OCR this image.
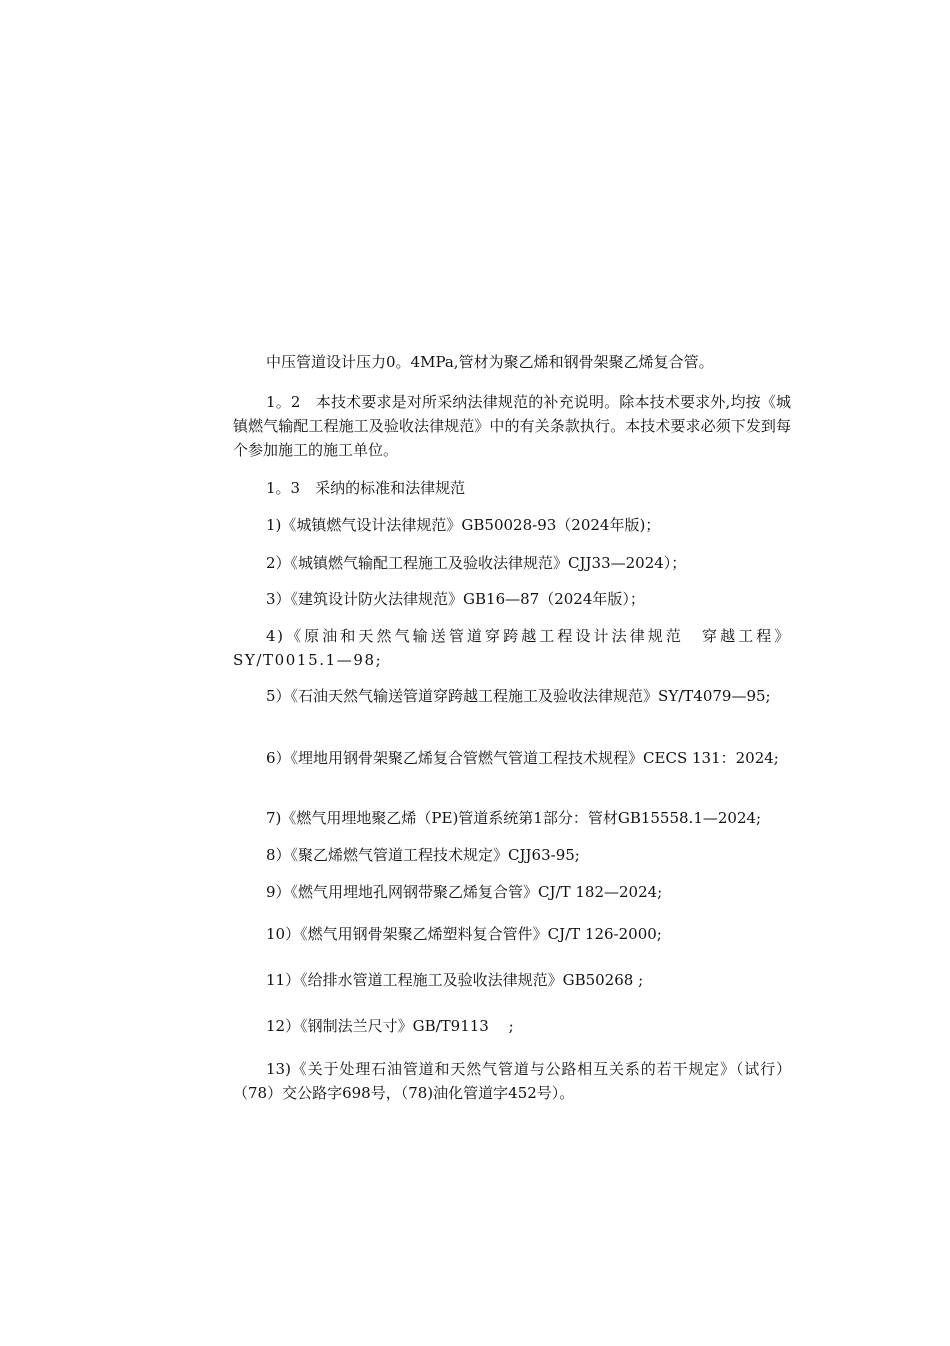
中压管道设计压力0。4MPa,管材为聚乙烯和钢骨架聚乙烯复合管。

1。2　本技术要求是对所采纳法律规范的补充说明。除本技术要求外,均按《城镇燃气输配工程施工及验收法律规范》中的有关条款执行。本技术要求必须下发到每个参加施工的施工单位。

1。3　采纳的标准和法律规范

1)《城镇燃气设计法律规范》GB50028-93（2024年版)；

2）《城镇燃气输配工程施工及验收法律规范》CJJ33—2024）；

3）《建筑设计防火法律规范》GB16—87（2024年版）；

4)《原油和天然气输送管道穿跨越工程设计法律规范　穿越工程》SY/T0015.1—98;

5）《石油天然气输送管道穿跨越工程施工及验收法律规范》SY/T4079—95;

6）《埋地用钢骨架聚乙烯复合管燃气管道工程技术规程》CECS 131：2024;

7)《燃气用埋地聚乙烯（PE)管道系统第1部分：管材GB15558.1—2024;

8）《聚乙烯燃气管道工程技术规定》CJJ63-95;

9）《燃气用埋地孔网钢带聚乙烯复合管》CJ/T 182—2024;

10）《燃气用钢骨架聚乙烯塑料复合管件》CJ/T 126-2000;

11）《给排水管道工程施工及验收法律规范》GB50268 ;

12）《钢制法兰尺寸》GB/T9113　 ;

13)《关于处理石油管道和天然气管道与公路相互关系的若干规定》（试行）（78）交公路字698号，（78)油化管道字452号）。
